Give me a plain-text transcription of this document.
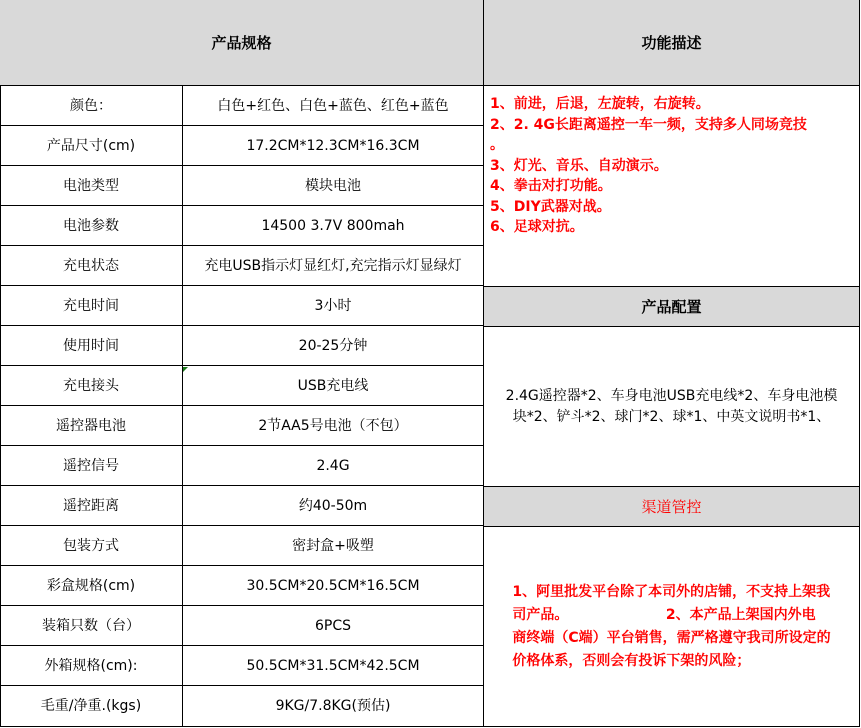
产品规格	功能描述
颜色：	白色+红色、白色+蓝色、红色+蓝色
产品尺寸(cm)	17.2CM*12.3CM*16.3CM
电池类型	模块电池
电池参数	14500 3.7V 800mah
充电状态	充电USB指示灯显红灯,充完指示灯显绿灯
充电时间	3小时
使用时间	20-25分钟
充电接头	USB充电线
遥控器电池	2节AA5号电池（不包）
遥控信号	2.4G
遥控距离	约40-50m
包装方式	密封盒+吸塑
彩盒规格(cm)	30.5CM*20.5CM*16.5CM
装箱只数（台）	6PCS
外箱规格(cm):	50.5CM*31.5CM*42.5CM
毛重/净重.(kgs)	9KG/7.8KG(预估)
1、前进，后退，左旋转，右旋转。
2、2. 4G长距离遥控一车一频，支持多人同场竞技
。
3、灯光、音乐、自动演示。
4、拳击对打功能。
5、DIY武器对战。
6、足球对抗。
产品配置
2.4G遥控器*2、车身电池USB充电线*2、车身电池模
块*2、铲斗*2、球门*2、球*1、中英文说明书*1、
渠道管控
1、阿里批发平台除了本司外的店铺，不支持上架我
司产品。                    2、本产品上架国内外电
商终端（C端）平台销售，需严格遵守我司所设定的
价格体系，否则会有投诉下架的风险；
